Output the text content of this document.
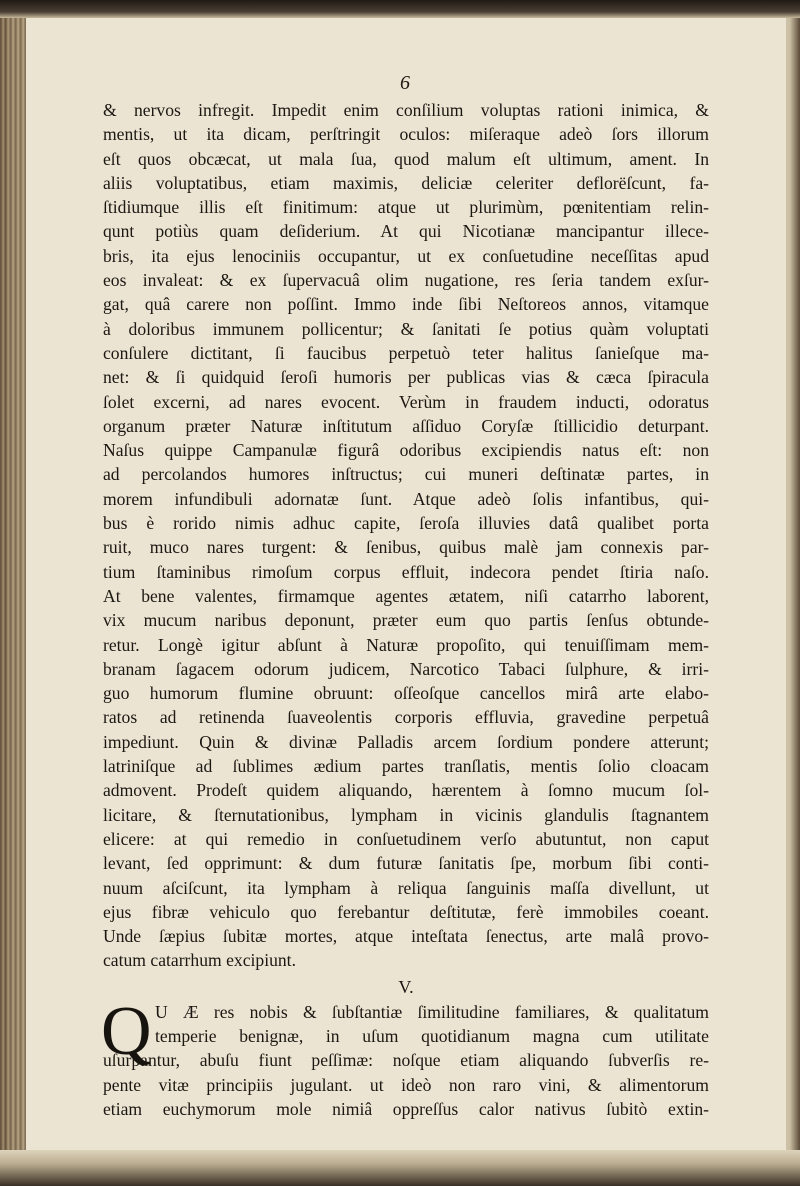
6
& nervos infregit. Impedit enim conſilium voluptas rationi inimica, &
mentis, ut ita dicam, perſtringit oculos: miſeraque adeò ſors illorum
eſt quos obcæcat, ut mala ſua, quod malum eſt ultimum, ament. In
aliis voluptatibus, etiam maximis, deliciæ celeriter deflorëſcunt, fa-
ſtidiumque illis eſt finitimum: atque ut plurimùm, pœnitentiam relin-
qunt potiùs quam deſiderium. At qui Nicotianæ mancipantur illece-
bris, ita ejus lenociniis occupantur, ut ex conſuetudine neceſſitas apud
eos invaleat: & ex ſupervacuâ olim nugatione, res ſeria tandem exſur-
gat, quâ carere non poſſint. Immo inde ſibi Neſtoreos annos, vitamque
à doloribus immunem pollicentur; & ſanitati ſe potius quàm voluptati
conſulere dictitant, ſi faucibus perpetuò teter halitus ſanieſque ma-
net: & ſi quidquid ſeroſi humoris per publicas vias & cæca ſpiracula
ſolet excerni, ad nares evocent. Verùm in fraudem inducti, odoratus
organum præter Naturæ inſtitutum aſſiduo Coryſæ ſtillicidio deturpant.
Naſus quippe Campanulæ figurâ odoribus excipiendis natus eſt: non
ad percolandos humores inſtructus; cui muneri deſtinatæ partes, in
morem infundibuli adornatæ ſunt. Atque adeò ſolis infantibus, qui-
bus è rorido nimis adhuc capite, ſeroſa illuvies datâ qualibet porta
ruit, muco nares turgent: & ſenibus, quibus malè jam connexis par-
tium ſtaminibus rimoſum corpus effluit, indecora pendet ſtiria naſo.
At bene valentes, firmamque agentes ætatem, niſi catarrho laborent,
vix mucum naribus deponunt, præter eum quo partis ſenſus obtunde-
retur. Longè igitur abſunt à Naturæ propoſito, qui tenuiſſimam mem-
branam ſagacem odorum judicem, Narcotico Tabaci ſulphure, & irri-
guo humorum flumine obruunt: oſſeoſque cancellos mirâ arte elabo-
ratos ad retinenda ſuaveolentis corporis effluvia, gravedine perpetuâ
impediunt. Quin & divinæ Palladis arcem ſordium pondere atterunt;
latriniſque ad ſublimes ædium partes tranſlatis, mentis ſolio cloacam
admovent. Prodeſt quidem aliquando, hærentem à ſomno mucum ſol-
licitare, & ſternutationibus, lympham in vicinis glandulis ſtagnantem
elicere: at qui remedio in conſuetudinem verſo abutuntut, non caput
levant, ſed opprimunt: & dum futuræ ſanitatis ſpe, morbum ſibi conti-
nuum aſciſcunt, ita lympham à reliqua ſanguinis maſſa divellunt, ut
ejus fibræ vehiculo quo ferebantur deſtitutæ, ferè immobiles coeant.
Unde ſæpius ſubitæ mortes, atque inteſtata ſenectus, arte malâ provo-
catum catarrhum excipiunt.
V.
Q U Æ res nobis & ſubſtantiæ ſimilitudine familiares, & qualitatum
temperie benignæ, in uſum quotidianum magna cum utilitate
uſurpantur, abuſu fiunt peſſimæ: noſque etiam aliquando ſubverſis re-
pente vitæ principiis jugulant. ut ideò non raro vini, & alimentorum
etiam euchymorum mole nimiâ oppreſſus calor nativus ſubitò extin-
